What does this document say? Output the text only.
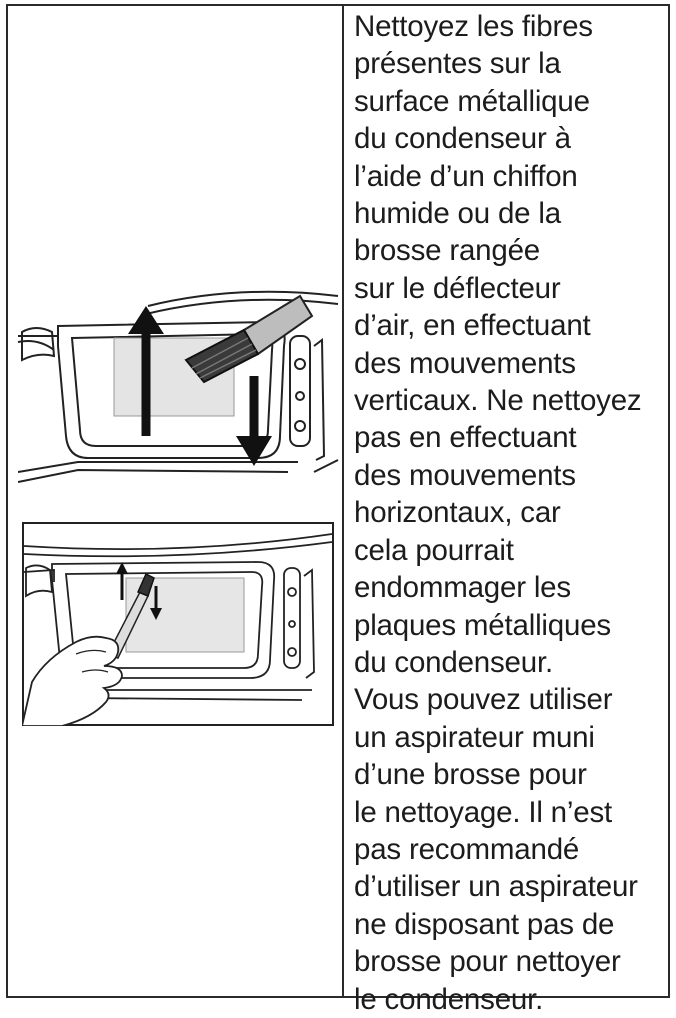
Nettoyez les fibres
présentes sur la
surface métallique
du condenseur à
l’aide d’un chiffon
humide ou de la
brosse rangée
sur le déflecteur
d’air, en effectuant
des mouvements
verticaux. Ne nettoyez
pas en effectuant
des mouvements
horizontaux, car
cela pourrait
endommager les
plaques métalliques
du condenseur.
Vous pouvez utiliser
un aspirateur muni
d’une brosse pour
le nettoyage. Il n’est
pas recommandé
d’utiliser un aspirateur
ne disposant pas de
brosse pour nettoyer
le condenseur.
